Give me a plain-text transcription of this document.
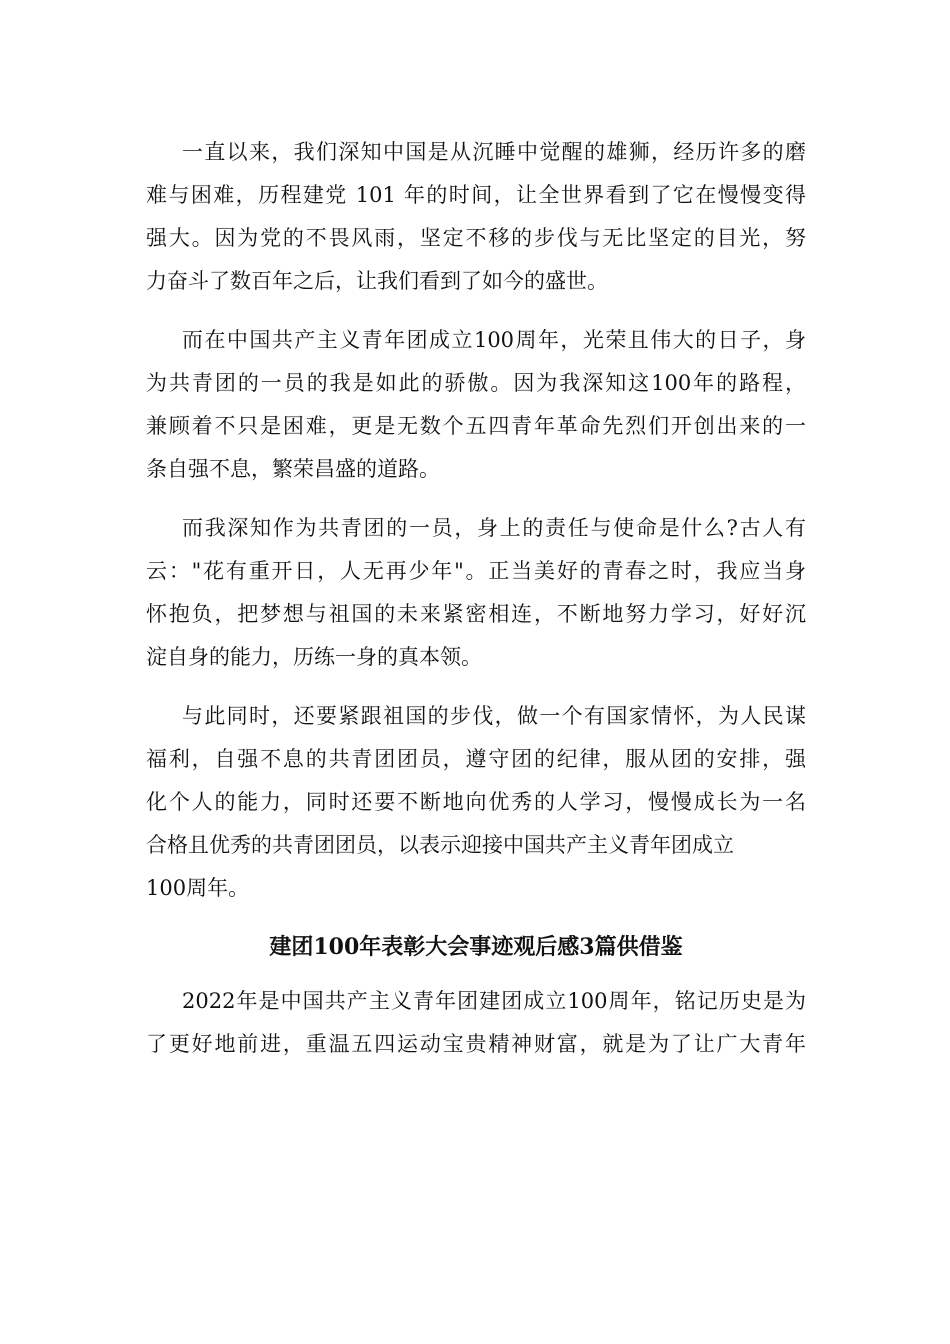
一直以来，我们深知中国是从沉睡中觉醒的雄狮，经历许多的磨
难与困难，历程建党 101 年的时间，让全世界看到了它在慢慢变得
强大。因为党的不畏风雨，坚定不移的步伐与无比坚定的目光，努
力奋斗了数百年之后，让我们看到了如今的盛世。
而在中国共产主义青年团成立100周年，光荣且伟大的日子，身
为共青团的一员的我是如此的骄傲。因为我深知这100年的路程，
兼顾着不只是困难，更是无数个五四青年革命先烈们开创出来的一
条自强不息，繁荣昌盛的道路。
而我深知作为共青团的一员，身上的责任与使命是什么?古人有
云："花有重开日，人无再少年"。正当美好的青春之时，我应当身
怀抱负，把梦想与祖国的未来紧密相连，不断地努力学习，好好沉
淀自身的能力，历练一身的真本领。
与此同时，还要紧跟祖国的步伐，做一个有国家情怀，为人民谋
福利，自强不息的共青团团员，遵守团的纪律，服从团的安排，强
化个人的能力，同时还要不断地向优秀的人学习，慢慢成长为一名
合格且优秀的共青团团员，以表示迎接中国共产主义青年团成立
100周年。
建团100年表彰大会事迹观后感3篇供借鉴
2022年是中国共产主义青年团建团成立100周年，铭记历史是为
了更好地前进，重温五四运动宝贵精神财富，就是为了让广大青年
